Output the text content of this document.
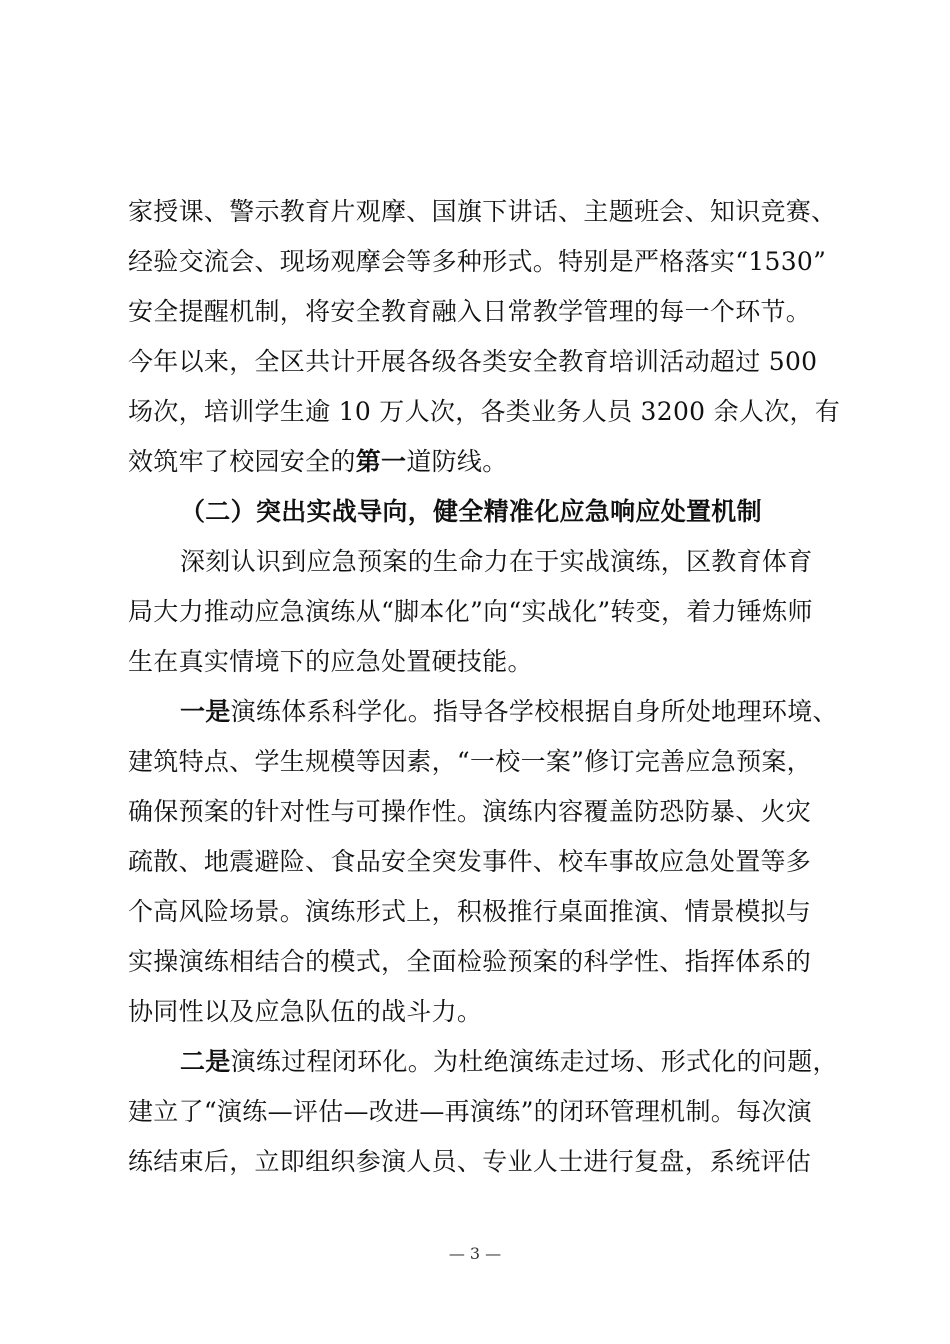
家授课、警示教育片观摩、国旗下讲话、主题班会、知识竞赛、
经验交流会、现场观摩会等多种形式。特别是严格落实“1530”
安全提醒机制，将安全教育融入日常教学管理的每一个环节。
今年以来，全区共计开展各级各类安全教育培训活动超过 500
场次，培训学生逾 10 万人次，各类业务人员 3200 余人次，有
效筑牢了校园安全的第一道防线。
（二）突出实战导向，健全精准化应急响应处置机制
深刻认识到应急预案的生命力在于实战演练，区教育体育
局大力推动应急演练从“脚本化”向“实战化”转变，着力锤炼师
生在真实情境下的应急处置硬技能。
一是演练体系科学化。指导各学校根据自身所处地理环境、
建筑特点、学生规模等因素，“一校一案”修订完善应急预案，
确保预案的针对性与可操作性。演练内容覆盖防恐防暴、火灾
疏散、地震避险、食品安全突发事件、校车事故应急处置等多
个高风险场景。演练形式上，积极推行桌面推演、情景模拟与
实操演练相结合的模式，全面检验预案的科学性、指挥体系的
协同性以及应急队伍的战斗力。
二是演练过程闭环化。为杜绝演练走过场、形式化的问题，
建立了“演练—评估—改进—再演练”的闭环管理机制。每次演
练结束后，立即组织参演人员、专业人士进行复盘，系统评估
— 3 —
